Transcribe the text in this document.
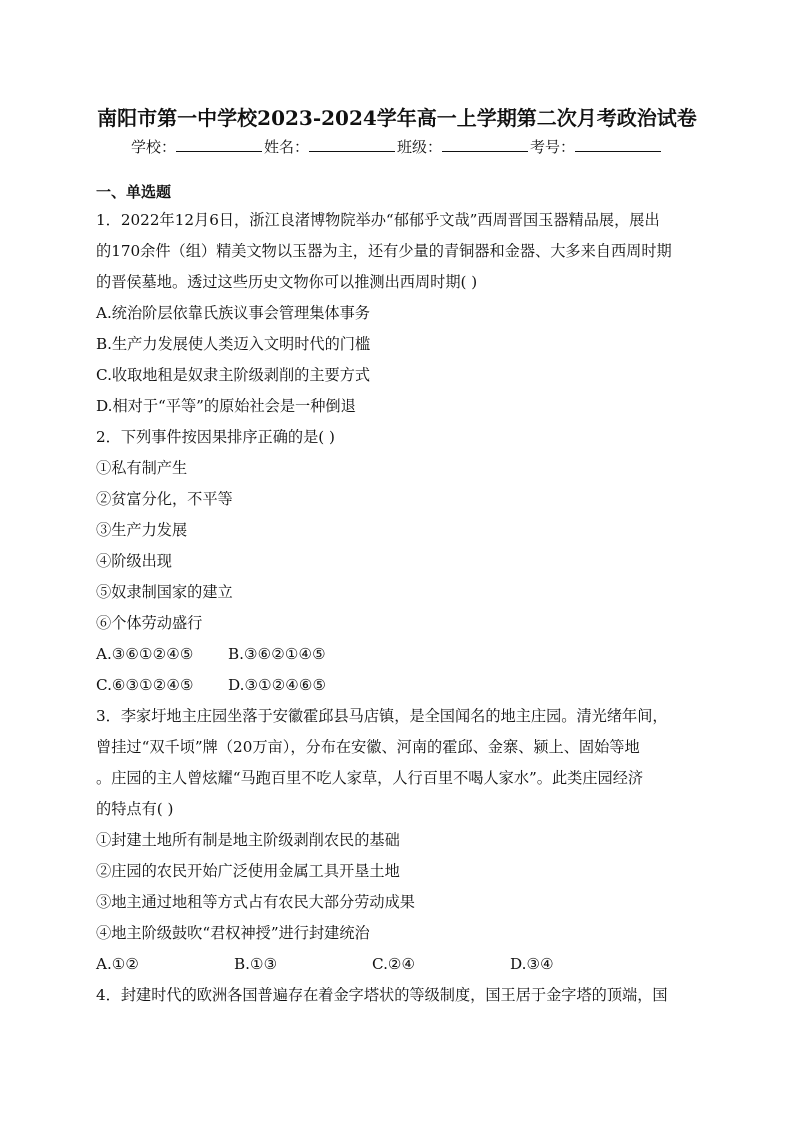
南阳市第一中学校2023-2024学年高一上学期第二次月考政治试卷
学校：	姓名：	班级：	考号：
一、单选题
1．2022年12月6日，浙江良渚博物院举办“郁郁乎文哉”西周晋国玉器精品展，展出
的170余件（组）精美文物以玉器为主，还有少量的青铜器和金器、大多来自西周时期
的晋侯墓地。透过这些历史文物你可以推测出西周时期( )
A.统治阶层依靠氏族议事会管理集体事务
B.生产力发展使人类迈入文明时代的门槛
C.收取地租是奴隶主阶级剥削的主要方式
D.相对于“平等”的原始社会是一种倒退
2．下列事件按因果排序正确的是( )
①私有制产生
②贫富分化，不平等
③生产力发展
④阶级出现
⑤奴隶制国家的建立
⑥个体劳动盛行
A.③⑥①②④⑤	B.③⑥②①④⑤
C.⑥③①②④⑤	D.③①②④⑥⑤
3．李家圩地主庄园坐落于安徽霍邱县马店镇，是全国闻名的地主庄园。清光绪年间，
曾挂过“双千顷”牌（20万亩），分布在安徽、河南的霍邱、金寨、颍上、固始等地
。庄园的主人曾炫耀“马跑百里不吃人家草，人行百里不喝人家水”。此类庄园经济
的特点有( )
①封建土地所有制是地主阶级剥削农民的基础
②庄园的农民开始广泛使用金属工具开垦土地
③地主通过地租等方式占有农民大部分劳动成果
④地主阶级鼓吹“君权神授”进行封建统治
A.①②	B.①③	C.②④	D.③④
4．封建时代的欧洲各国普遍存在着金字塔状的等级制度，国王居于金字塔的顶端，国
